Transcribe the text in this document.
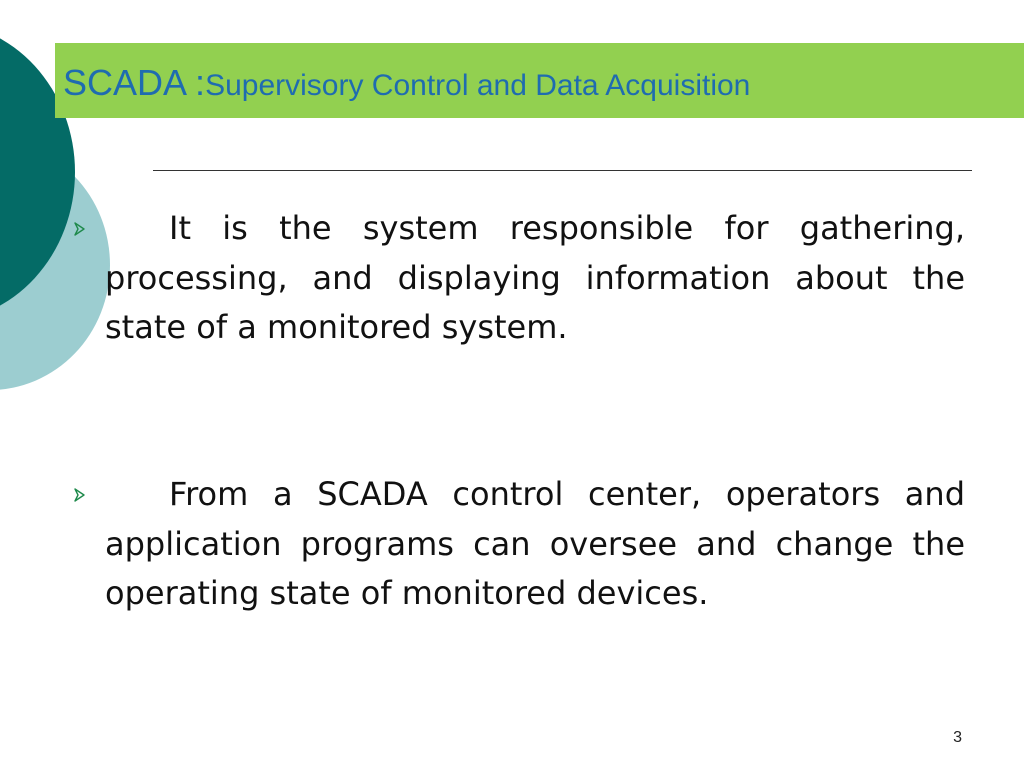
SCADA :Supervisory Control and Data Acquisition

It is the system responsible for gathering, processing, and displaying information about the state of a monitored system.

From a SCADA control center, operators and application programs can oversee and change the operating state of monitored devices.

3
